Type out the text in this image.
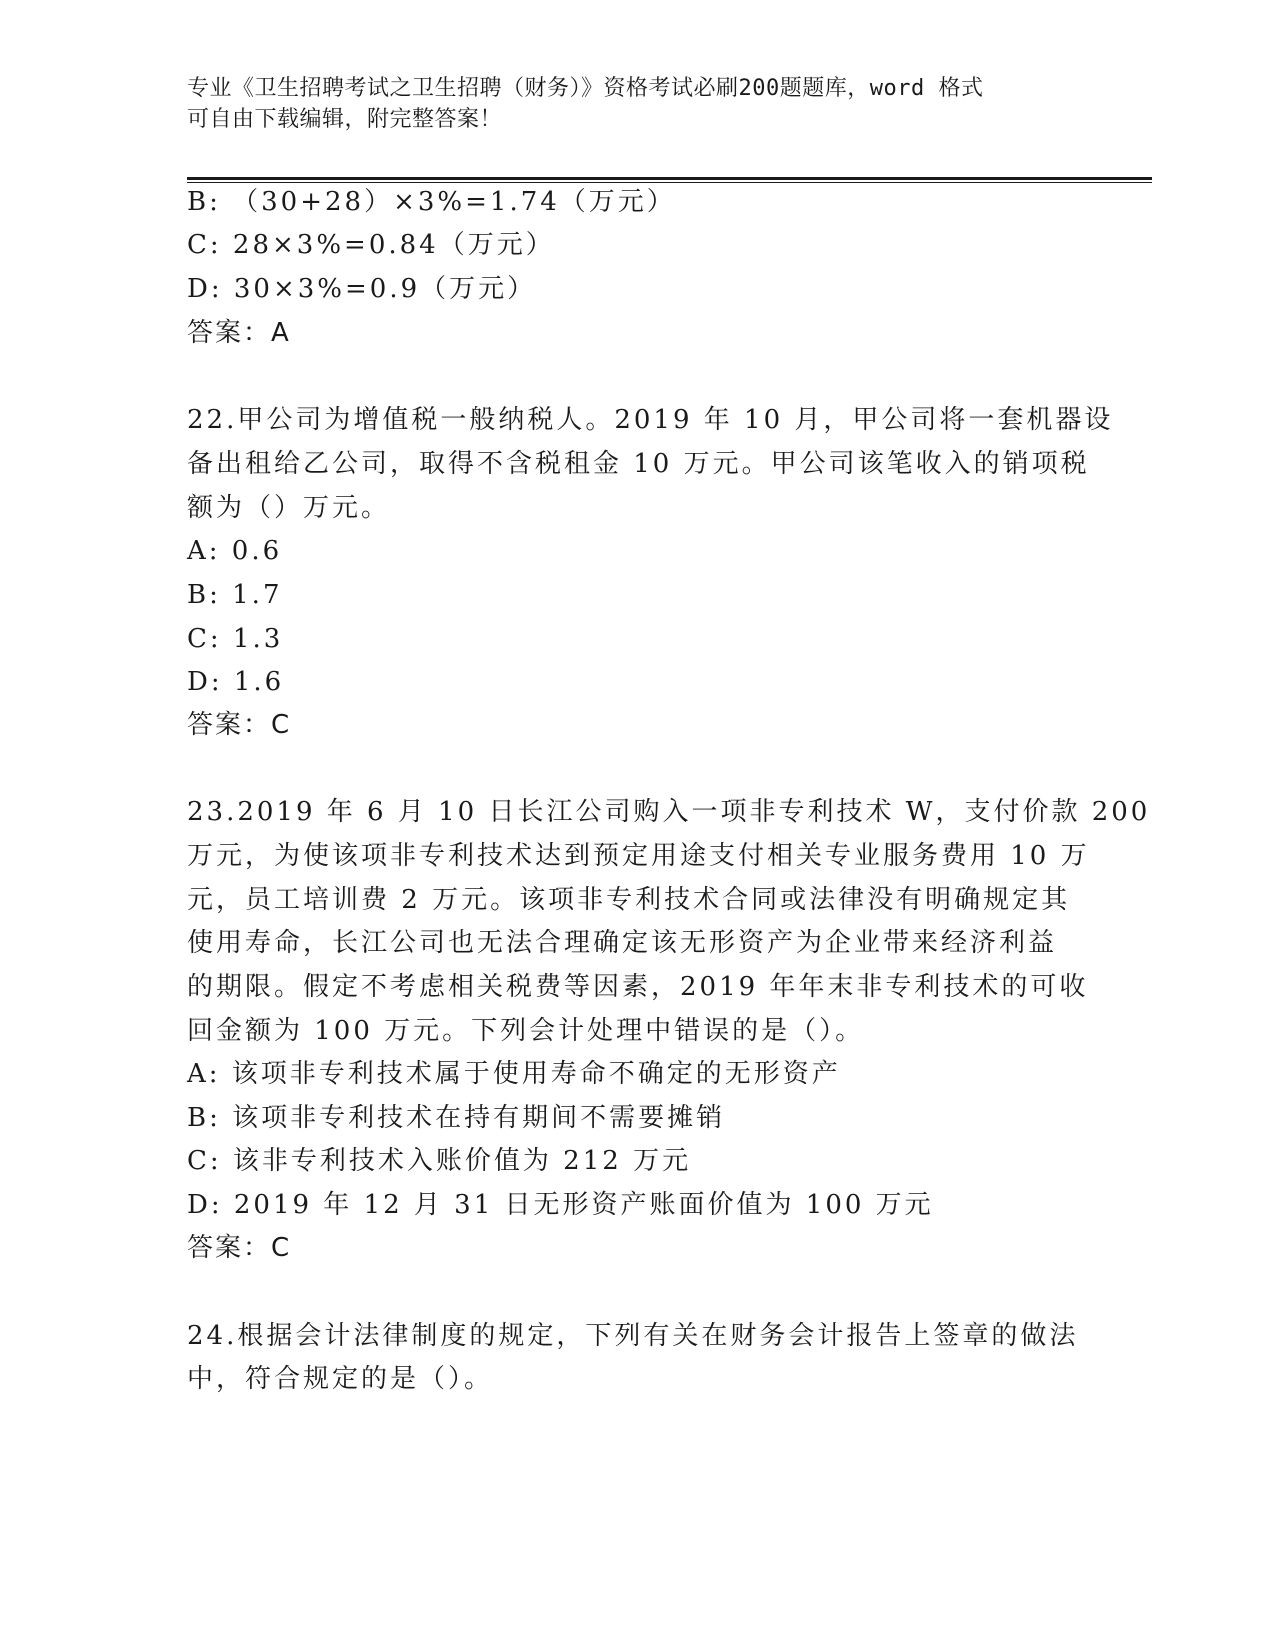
专业《卫生招聘考试之卫生招聘（财务）》资格考试必刷200题题库，word 格式
可自由下载编辑，附完整答案！
B: （30+28）×3%=1.74（万元）
C: 28×3%=0.84（万元）
D: 30×3%=0.9（万元）
答案：A
22.甲公司为增值税一般纳税人。2019 年 10 月，甲公司将一套机器设
备出租给乙公司，取得不含税租金 10 万元。甲公司该笔收入的销项税
额为（）万元。
A: 0.6
B: 1.7
C: 1.3
D: 1.6
答案：C
23.2019 年 6 月 10 日长江公司购入一项非专利技术 W，支付价款 200
万元，为使该项非专利技术达到预定用途支付相关专业服务费用 10 万
元，员工培训费 2 万元。该项非专利技术合同或法律没有明确规定其
使用寿命，长江公司也无法合理确定该无形资产为企业带来经济利益
的期限。假定不考虑相关税费等因素，2019 年年末非专利技术的可收
回金额为 100 万元。下列会计处理中错误的是（）。
A: 该项非专利技术属于使用寿命不确定的无形资产
B: 该项非专利技术在持有期间不需要摊销
C: 该非专利技术入账价值为 212 万元
D: 2019 年 12 月 31 日无形资产账面价值为 100 万元
答案：C
24.根据会计法律制度的规定，下列有关在财务会计报告上签章的做法
中，符合规定的是（）。
